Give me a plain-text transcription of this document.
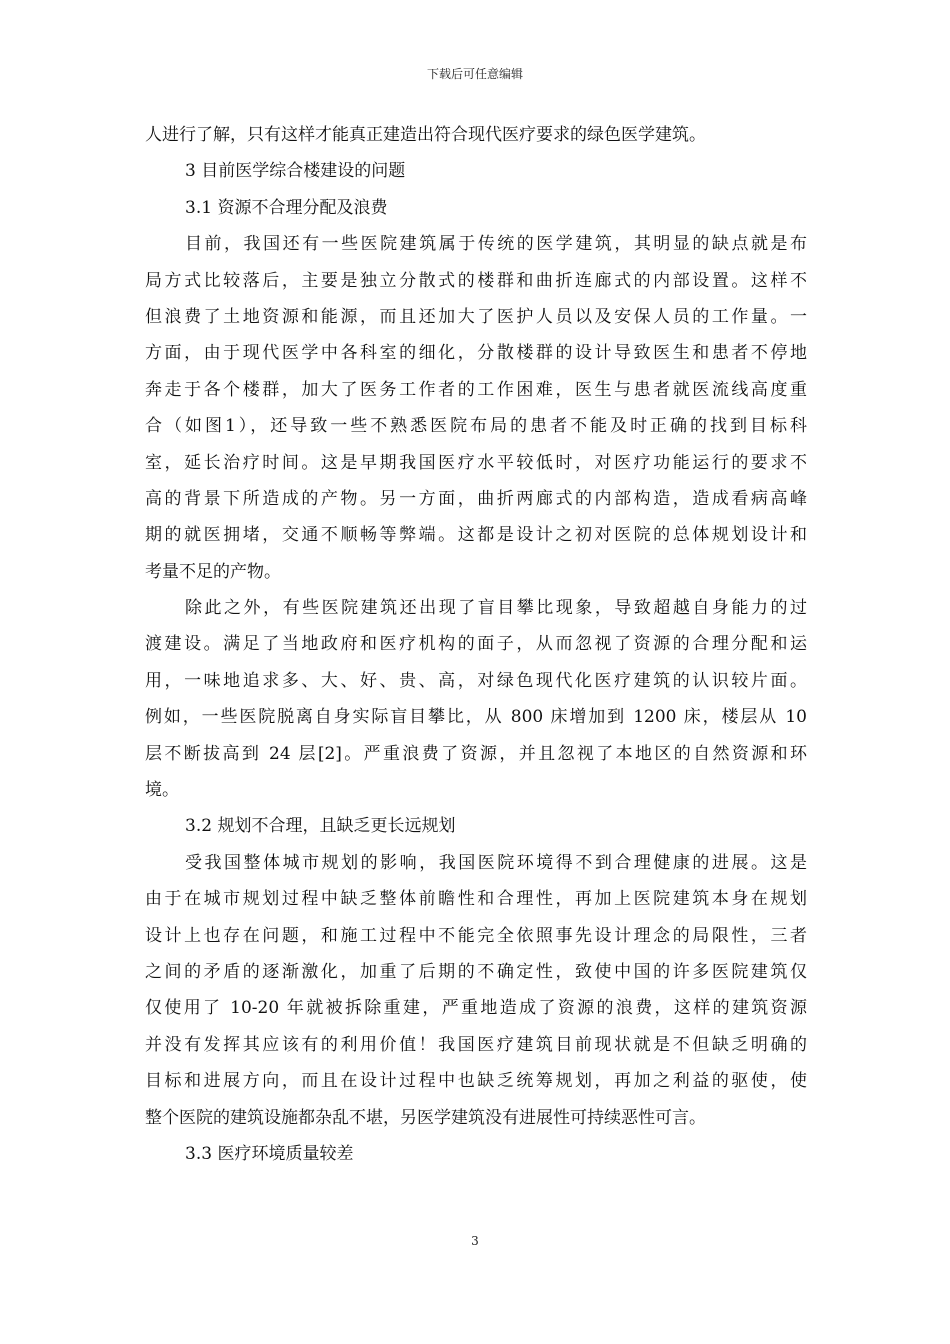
下载后可任意编辑
人进行了解，只有这样才能真正建造出符合现代医疗要求的绿色医学建筑。
3 目前医学综合楼建设的问题
3.1 资源不合理分配及浪费
目前，我国还有一些医院建筑属于传统的医学建筑，其明显的缺点就是布
局方式比较落后，主要是独立分散式的楼群和曲折连廊式的内部设置。这样不
但浪费了土地资源和能源，而且还加大了医护人员以及安保人员的工作量。一
方面，由于现代医学中各科室的细化，分散楼群的设计导致医生和患者不停地
奔走于各个楼群，加大了医务工作者的工作困难，医生与患者就医流线高度重
合（如图1），还导致一些不熟悉医院布局的患者不能及时正确的找到目标科
室，延长治疗时间。这是早期我国医疗水平较低时，对医疗功能运行的要求不
高的背景下所造成的产物。另一方面，曲折两廊式的内部构造，造成看病高峰
期的就医拥堵，交通不顺畅等弊端。这都是设计之初对医院的总体规划设计和
考量不足的产物。
除此之外，有些医院建筑还出现了盲目攀比现象，导致超越自身能力的过
渡建设。满足了当地政府和医疗机构的面子，从而忽视了资源的合理分配和运
用，一味地追求多、大、好、贵、高，对绿色现代化医疗建筑的认识较片面。
例如，一些医院脱离自身实际盲目攀比，从 800 床增加到 1200 床，楼层从 10
层不断拔高到 24 层[2]。严重浪费了资源，并且忽视了本地区的自然资源和环
境。
3.2 规划不合理，且缺乏更长远规划
受我国整体城市规划的影响，我国医院环境得不到合理健康的进展。这是
由于在城市规划过程中缺乏整体前瞻性和合理性，再加上医院建筑本身在规划
设计上也存在问题，和施工过程中不能完全依照事先设计理念的局限性，三者
之间的矛盾的逐渐激化，加重了后期的不确定性，致使中国的许多医院建筑仅
仅使用了 10-20 年就被拆除重建，严重地造成了资源的浪费，这样的建筑资源
并没有发挥其应该有的利用价值！我国医疗建筑目前现状就是不但缺乏明确的
目标和进展方向，而且在设计过程中也缺乏统筹规划，再加之利益的驱使，使
整个医院的建筑设施都杂乱不堪，另医学建筑没有进展性可持续恶性可言。
3.3 医疗环境质量较差
3
